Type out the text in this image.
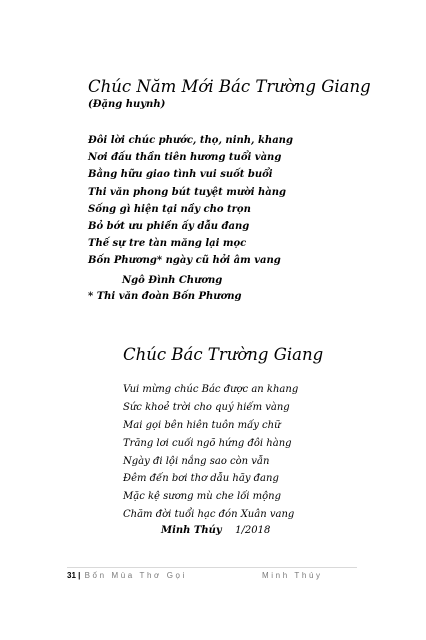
Chúc Năm Mới Bác Trường Giang
(Đặng huynh)
Đôi lời chúc phước, thọ, ninh, khang
Nơi đấu thần tiên hương tuổi vàng
Bằng hữu giao tình vui suốt buổi
Thi văn phong bút tuyệt mười hàng
Sống gì hiện tại nầy cho trọn
Bỏ bớt ưu phiền ấy dẫu đang
Thế sự tre tàn măng lại mọc
Bốn Phương* ngày cũ hởi âm vang
Ngô Đình Chương
* Thi văn đoàn Bốn Phương
Chúc Bác Trường Giang
Vui mừng chúc Bác được an khang
Sức khoẻ trời cho quý hiếm vàng
Mai gọi bên hiên tuôn mấy chữ
Trăng lơi cuối ngõ hứng đôi hàng
Ngày đi lội nắng sao còn vẫn
Đêm đến bơi thơ dẫu hãy đang
Mặc kệ sương mù che lối mộng
Chăm đời tuổi hạc đón Xuân vang
Minh Thúy 1/2018
31 | Bốn Mùa Thơ Gọi	Minh Thúy
